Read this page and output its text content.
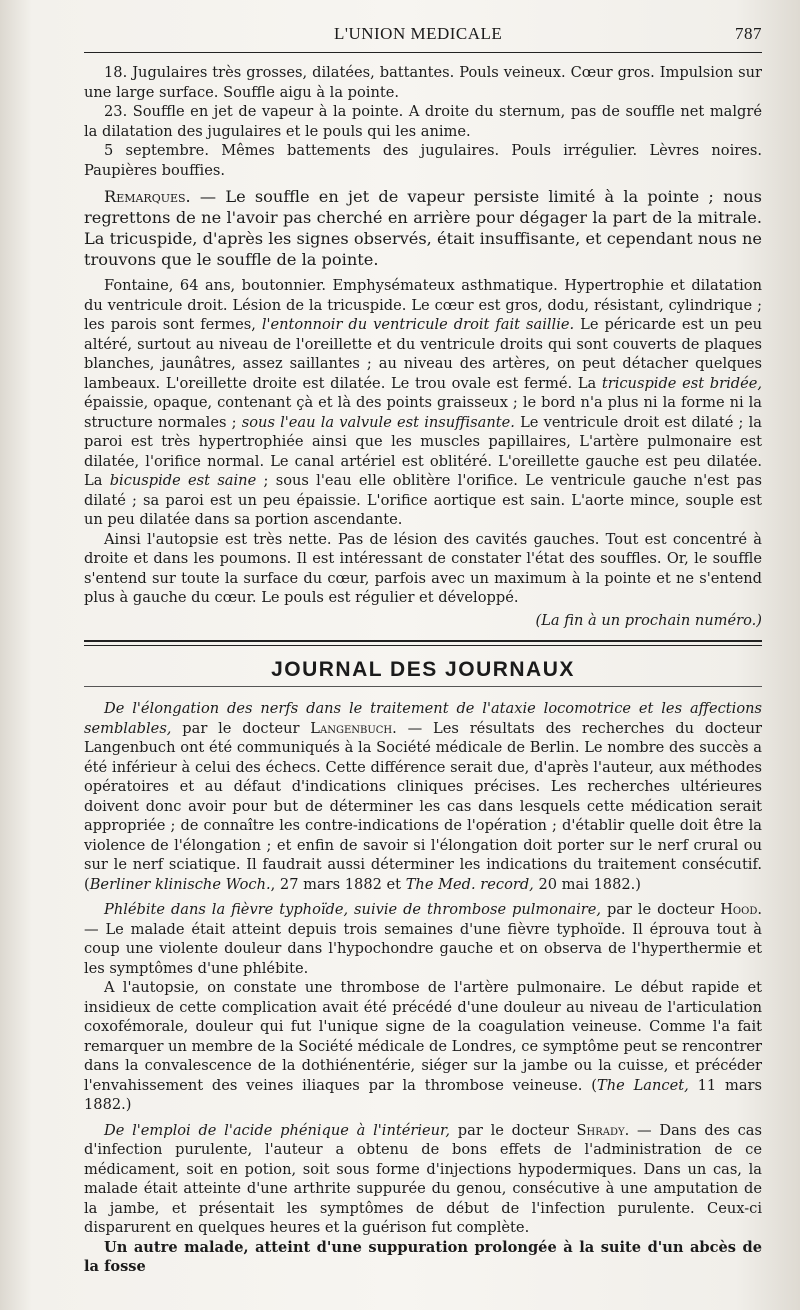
L'UNION MEDICALE	787

18. Jugulaires très grosses, dilatées, battantes. Pouls veineux. Cœur gros. Impulsion sur une large surface. Souffle aigu à la pointe.

23. Souffle en jet de vapeur à la pointe. A droite du sternum, pas de souffle net malgré la dilatation des jugulaires et le pouls qui les anime.

5 septembre. Mêmes battements des jugulaires. Pouls irrégulier. Lèvres noires. Paupières bouffies.

Remarques. — Le souffle en jet de vapeur persiste limité à la pointe ; nous regrettons de ne l'avoir pas cherché en arrière pour dégager la part de la mitrale. La tricuspide, d'après les signes observés, était insuffisante, et cependant nous ne trouvons que le souffle de la pointe.

Fontaine, 64 ans, boutonnier. Emphysémateux asthmatique. Hypertrophie et dilatation du ventricule droit. Lésion de la tricuspide. Le cœur est gros, dodu, résistant, cylindrique ; les parois sont fermes, l'entonnoir du ventricule droit fait saillie. Le péricarde est un peu altéré, surtout au niveau de l'oreillette et du ventricule droits qui sont couverts de plaques blanches, jaunâtres, assez saillantes ; au niveau des artères, on peut détacher quelques lambeaux. L'oreillette droite est dilatée. Le trou ovale est fermé. La tricuspide est bridée, épaissie, opaque, contenant çà et là des points graisseux ; le bord n'a plus ni la forme ni la structure normales ; sous l'eau la valvule est insuffisante. Le ventricule droit est dilaté ; la paroi est très hypertrophiée ainsi que les muscles papillaires, L'artère pulmonaire est dilatée, l'orifice normal. Le canal artériel est oblitéré. L'oreillette gauche est peu dilatée. La bicuspide est saine ; sous l'eau elle oblitère l'orifice. Le ventricule gauche n'est pas dilaté ; sa paroi est un peu épaissie. L'orifice aortique est sain. L'aorte mince, souple est un peu dilatée dans sa portion ascendante.

Ainsi l'autopsie est très nette. Pas de lésion des cavités gauches. Tout est concentré à droite et dans les poumons. Il est intéressant de constater l'état des souffles. Or, le souffle s'entend sur toute la surface du cœur, parfois avec un maximum à la pointe et ne s'entend plus à gauche du cœur. Le pouls est régulier et développé.

(La fin à un prochain numéro.)

JOURNAL DES JOURNAUX

De l'élongation des nerfs dans le traitement de l'ataxie locomotrice et les affections semblables, par le docteur Langenbuch. — Les résultats des recherches du docteur Langenbuch ont été communiqués à la Société médicale de Berlin. Le nombre des succès a été inférieur à celui des échecs. Cette différence serait due, d'après l'auteur, aux méthodes opératoires et au défaut d'indications cliniques précises. Les recherches ultérieures doivent donc avoir pour but de déterminer les cas dans lesquels cette médication serait appropriée ; de connaître les contre-indications de l'opération ; d'établir quelle doit être la violence de l'élongation ; et enfin de savoir si l'élongation doit porter sur le nerf crural ou sur le nerf sciatique. Il faudrait aussi déterminer les indications du traitement consécutif. (Berliner klinische Woch., 27 mars 1882 et The Med. record, 20 mai 1882.)

Phlébite dans la fièvre typhoïde, suivie de thrombose pulmonaire, par le docteur Hood. — Le malade était atteint depuis trois semaines d'une fièvre typhoïde. Il éprouva tout à coup une violente douleur dans l'hypochondre gauche et on observa de l'hyperthermie et les symptômes d'une phlébite.

A l'autopsie, on constate une thrombose de l'artère pulmonaire. Le début rapide et insidieux de cette complication avait été précédé d'une douleur au niveau de l'articulation coxofémorale, douleur qui fut l'unique signe de la coagulation veineuse. Comme l'a fait remarquer un membre de la Société médicale de Londres, ce symptôme peut se rencontrer dans la convalescence de la dothiénentérie, siéger sur la jambe ou la cuisse, et précéder l'envahissement des veines iliaques par la thrombose veineuse. (The Lancet, 11 mars 1882.)

De l'emploi de l'acide phénique à l'intérieur, par le docteur Shrady. — Dans des cas d'infection purulente, l'auteur a obtenu de bons effets de l'administration de ce médicament, soit en potion, soit sous forme d'injections hypodermiques. Dans un cas, la malade était atteinte d'une arthrite suppurée du genou, consécutive à une amputation de la jambe, et présentait les symptômes de début de l'infection purulente. Ceux-ci disparurent en quelques heures et la guérison fut complète.

Un autre malade, atteint d'une suppuration prolongée à la suite d'un abcès de la fosse
